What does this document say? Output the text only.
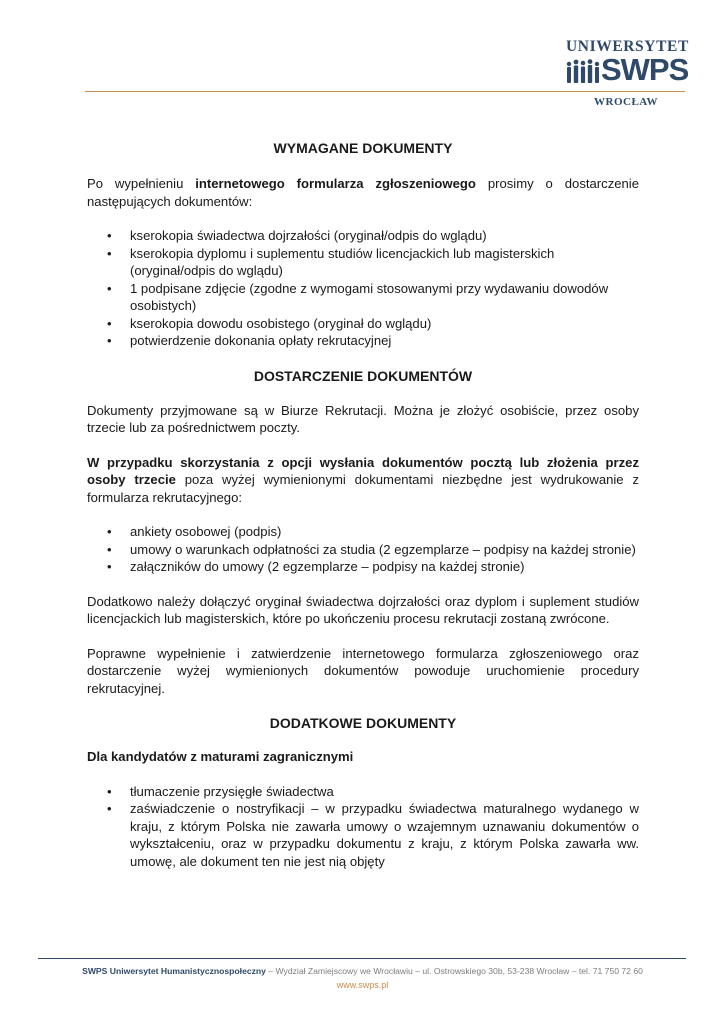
UNIWERSYTET
SWPS
WROCŁAW
WYMAGANE DOKUMENTY

Po wypełnieniu internetowego formularza zgłoszeniowego prosimy o dostarczenie następujących dokumentów:

• kserokopia świadectwa dojrzałości (oryginał/odpis do wglądu)
• kserokopia dyplomu i suplementu studiów licencjackich lub magisterskich (oryginał/odpis do wglądu)
• 1 podpisane zdjęcie (zgodne z wymogami stosowanymi przy wydawaniu dowodów osobistych)
• kserokopia dowodu osobistego (oryginał do wglądu)
• potwierdzenie dokonania opłaty rekrutacyjnej
DOSTARCZENIE DOKUMENTÓW

Dokumenty przyjmowane są w Biurze Rekrutacji. Można je złożyć osobiście, przez osoby trzecie lub za pośrednictwem poczty.

W przypadku skorzystania z opcji wysłania dokumentów pocztą lub złożenia przez osoby trzecie poza wyżej wymienionymi dokumentami niezbędne jest wydrukowanie z formularza rekrutacyjnego:

• ankiety osobowej (podpis)
• umowy o warunkach odpłatności za studia (2 egzemplarze – podpisy na każdej stronie)
• załączników do umowy (2 egzemplarze – podpisy na każdej stronie)

Dodatkowo należy dołączyć oryginał świadectwa dojrzałości oraz dyplom i suplement studiów licencjackich lub magisterskich, które po ukończeniu procesu rekrutacji zostaną zwrócone.

Poprawne wypełnienie i zatwierdzenie internetowego formularza zgłoszeniowego oraz dostarczenie wyżej wymienionych dokumentów powoduje uruchomienie procedury rekrutacyjnej.

DODATKOWE DOKUMENTY

Dla kandydatów z maturami zagranicznymi

• tłumaczenie przysięgłe świadectwa
• zaświadczenie o nostryfikacji – w przypadku świadectwa maturalnego wydanego w kraju, z którym Polska nie zawarła umowy o wzajemnym uznawaniu dokumentów o wykształceniu, oraz w przypadku dokumentu z kraju, z którym Polska zawarła ww. umowę, ale dokument ten nie jest nią objęty
SWPS Uniwersytet Humanistycznospołeczny – Wydział Zamiejscowy we Wrocławiu – ul. Ostrowskiego 30b, 53-238 Wrocław – tel. 71 750 72 60
www.swps.pl
